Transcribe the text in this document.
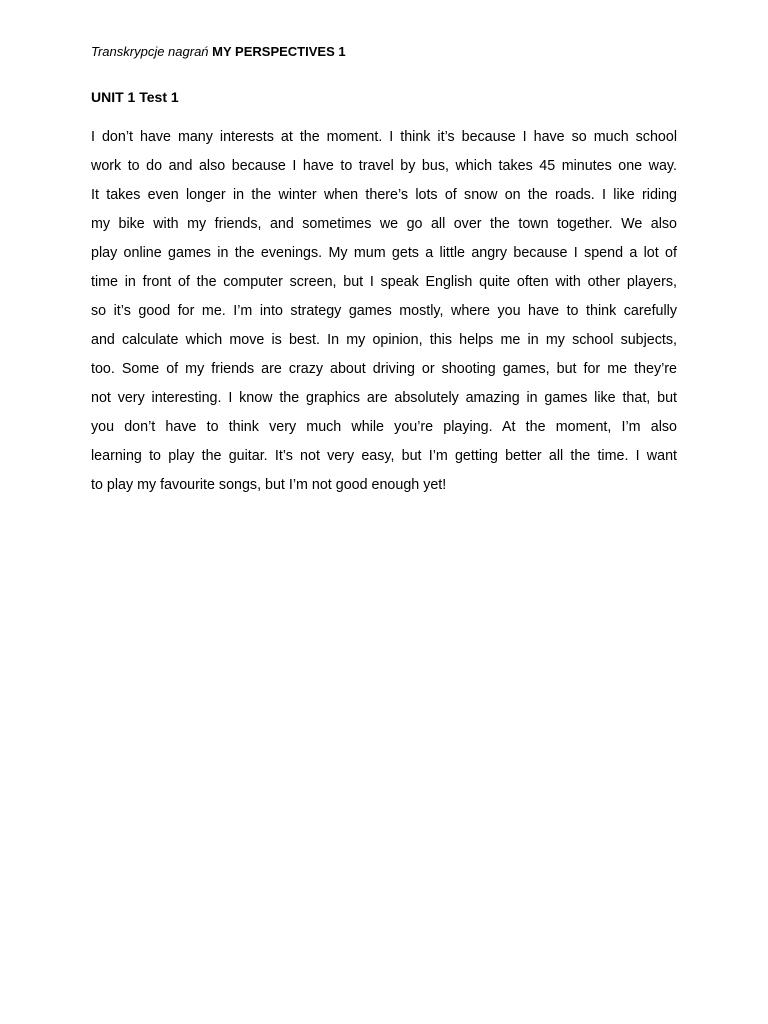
Transkrypcje nagrań MY PERSPECTIVES 1
UNIT 1 Test 1
I don’t have many interests at the moment. I think it’s because I have so much school
work to do and also because I have to travel by bus, which takes 45 minutes one way.
It takes even longer in the winter when there’s lots of snow on the roads. I like riding
my bike with my friends, and sometimes we go all over the town together. We also
play online games in the evenings. My mum gets a little angry because I spend a lot of
time in front of the computer screen, but I speak English quite often with other players,
so it’s good for me. I’m into strategy games mostly, where you have to think carefully
and calculate which move is best. In my opinion, this helps me in my school subjects,
too. Some of my friends are crazy about driving or shooting games, but for me they’re
not very interesting. I know the graphics are absolutely amazing in games like that, but
you don’t have to think very much while you’re playing. At the moment, I’m also
learning to play the guitar. It’s not very easy, but I’m getting better all the time. I want
to play my favourite songs, but I’m not good enough yet!
